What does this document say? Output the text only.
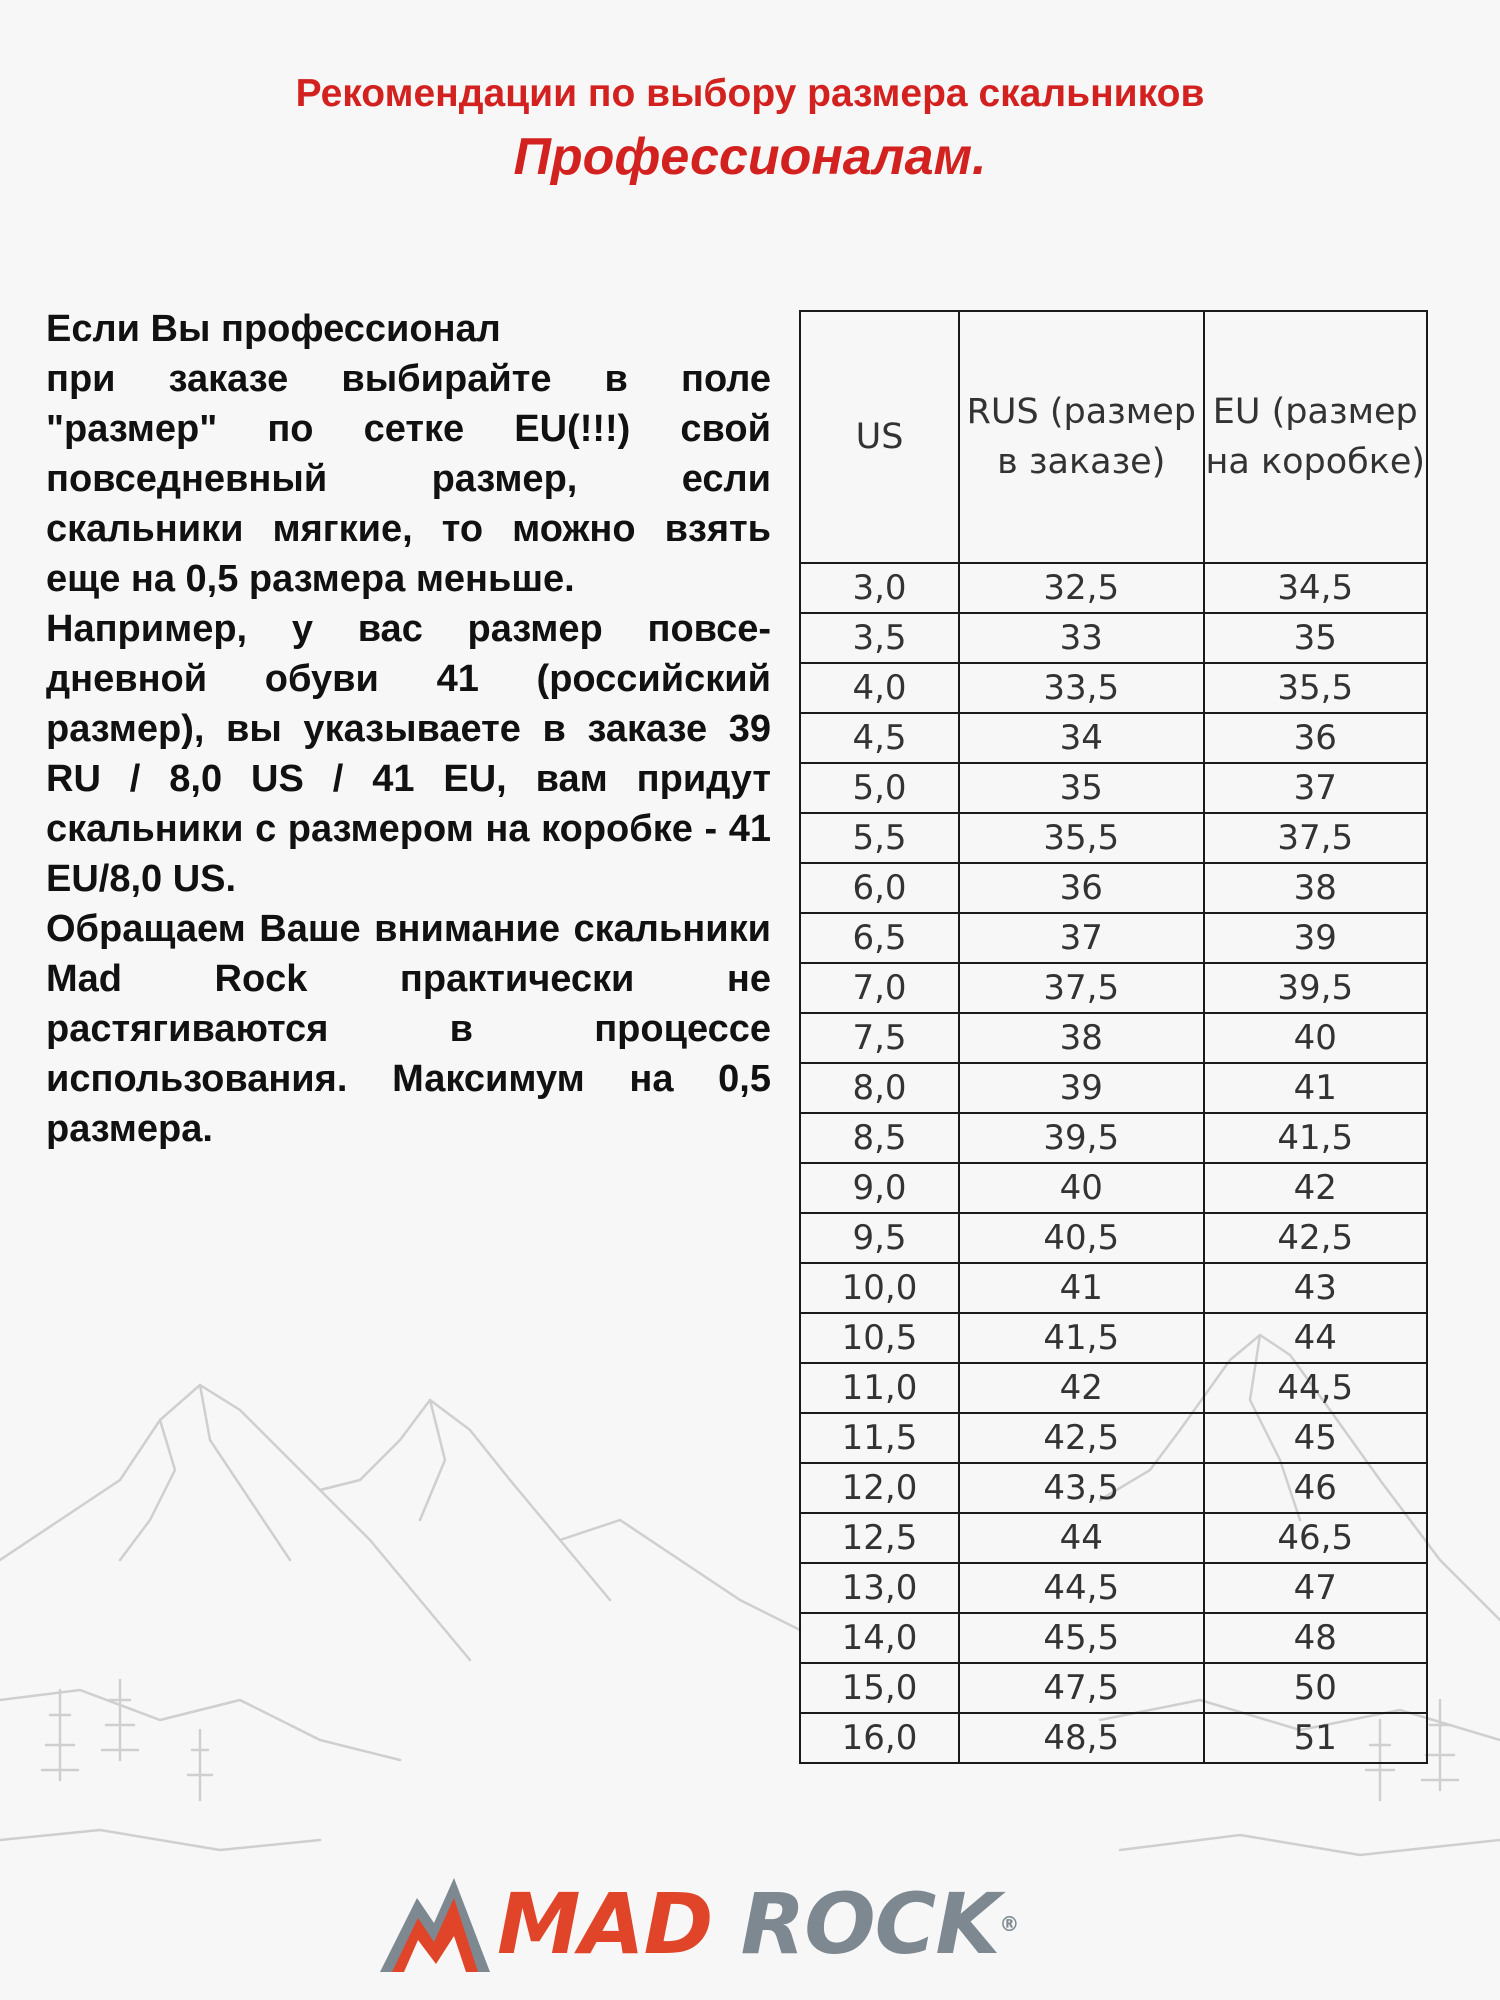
Рекомендации по выбору размера скальников
Профессионалам.

Если Вы профессионал

при заказе выбирайте в поле "размер" по сетке EU(!!!) свой повседневный размер, если скальники мягкие, то можно взять еще на 0,5 размера меньше.

Например, у вас размер повсе-дневной обуви 41 (российский размер), вы указываете в заказе 39 RU / 8,0 US / 41 EU, вам придут скальники с размером на коробке - 41 EU/8,0 US.

Обращаем Ваше внимание скальники Mad Rock практически не растягиваются в процессе использования. Максимум на 0,5 размера.

US	RUS (размер в заказе)	EU (размер на коробке)
3,0	32,5	34,5
3,5	33	35
4,0	33,5	35,5
4,5	34	36
5,0	35	37
5,5	35,5	37,5
6,0	36	38
6,5	37	39
7,0	37,5	39,5
7,5	38	40
8,0	39	41
8,5	39,5	41,5
9,0	40	42
9,5	40,5	42,5
10,0	41	43
10,5	41,5	44
11,0	42	44,5
11,5	42,5	45
12,0	43,5	46
12,5	44	46,5
13,0	44,5	47
14,0	45,5	48
15,0	47,5	50
16,0	48,5	51
MAD ROCK®
